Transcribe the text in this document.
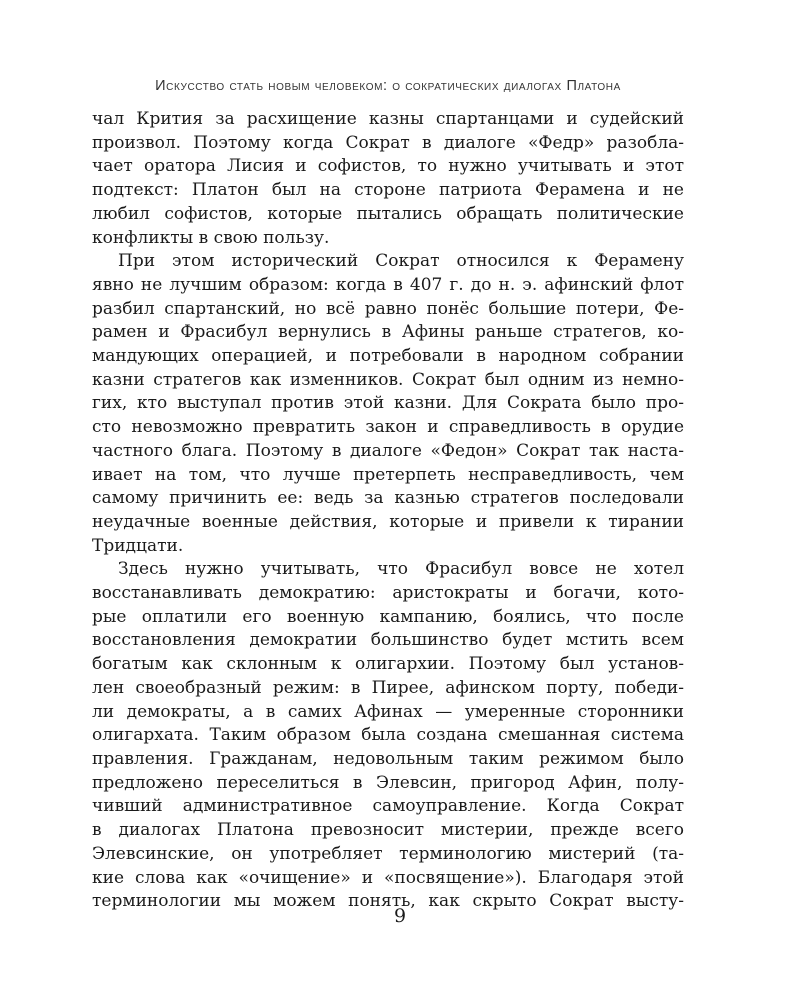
Искусство стать новым человеком: о сократических диалогах Платона

чал Крития за расхищение казны спартанцами и судейский
произвол. Поэтому когда Сократ в диалоге «Федр» разобла-
чает оратора Лисия и софистов, то нужно учитывать и этот
подтекст: Платон был на стороне патриота Ферамена и не
любил софистов, которые пытались обращать политические
конфликты в свою пользу.

При этом исторический Сократ относился к Ферамену
явно не лучшим образом: когда в 407 г. до н. э. афинский флот
разбил спартанский, но всё равно понёс большие потери, Фе-
рамен и Фрасибул вернулись в Афины раньше стратегов, ко-
мандующих операцией, и потребовали в народном собрании
казни стратегов как изменников. Сократ был одним из немно-
гих, кто выступал против этой казни. Для Сократа было про-
сто невозможно превратить закон и справедливость в орудие
частного блага. Поэтому в диалоге «Федон» Сократ так наста-
ивает на том, что лучше претерпеть несправедливость, чем
самому причинить ее: ведь за казнью стратегов последовали
неудачные военные действия, которые и привели к тирании
Тридцати.

Здесь нужно учитывать, что Фрасибул вовсе не хотел
восстанавливать демократию: аристократы и богачи, кото-
рые оплатили его военную кампанию, боялись, что после
восстановления демократии большинство будет мстить всем
богатым как склонным к олигархии. Поэтому был установ-
лен своеобразный режим: в Пирее, афинском порту, победи-
ли демократы, а в самих Афинах — умеренные сторонники
олигархата. Таким образом была создана смешанная система
правления. Гражданам, недовольным таким режимом было
предложено переселиться в Элевсин, пригород Афин, полу-
чивший административное самоуправление. Когда Сократ
в диалогах Платона превозносит мистерии, прежде всего
Элевсинские, он употребляет терминологию мистерий (та-
кие слова как «очищение» и «посвящение»). Благодаря этой
терминологии мы можем понять, как скрыто Сократ высту-

9
